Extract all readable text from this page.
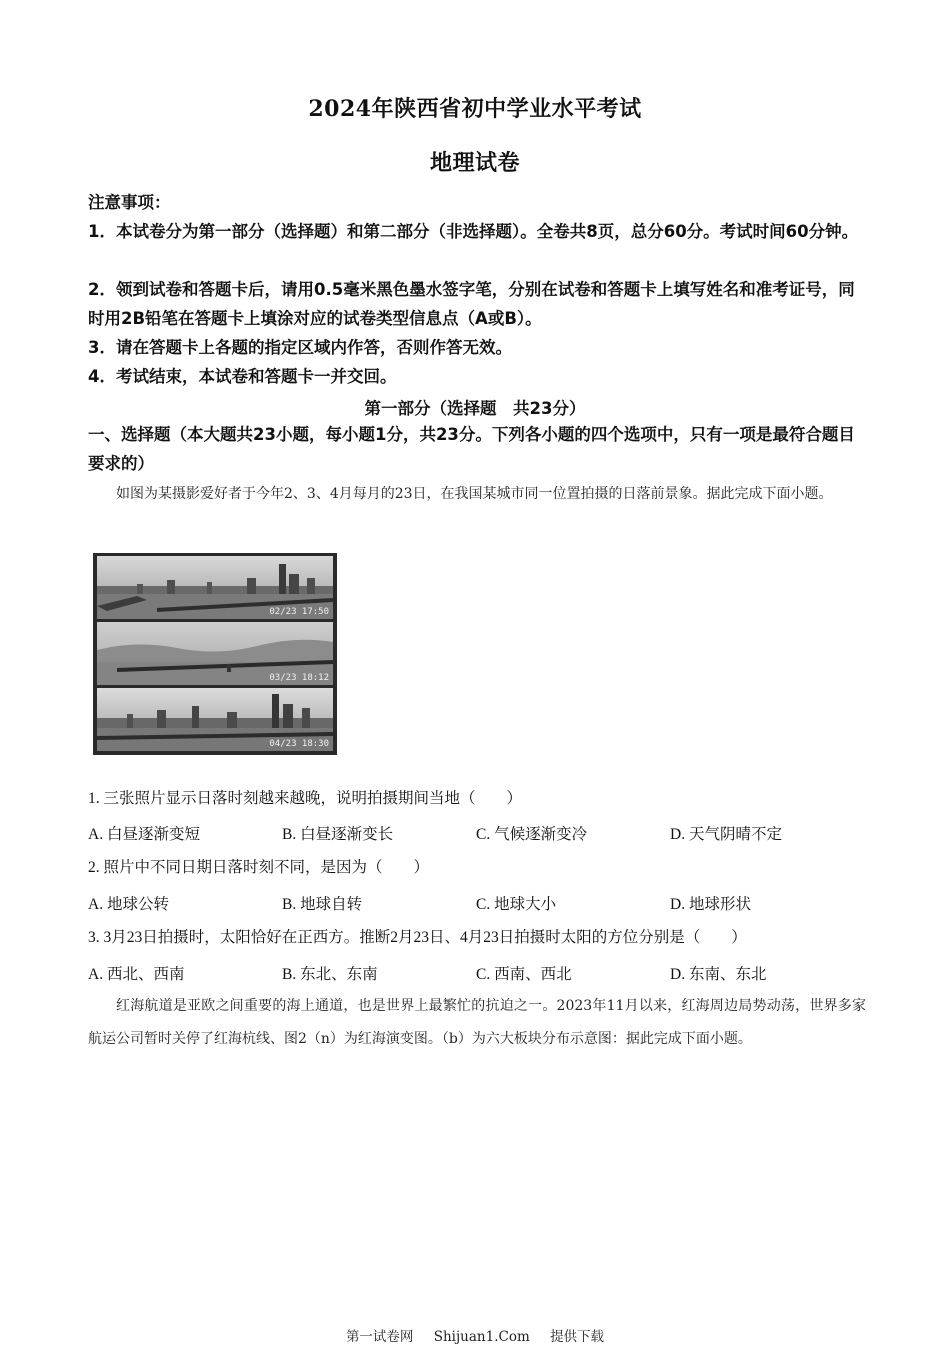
2024年陕西省初中学业水平考试
地理试卷
注意事项：
1．本试卷分为第一部分（选择题）和第二部分（非选择题）。全卷共8页，总分60分。考试时间60分钟。
2．领到试卷和答题卡后，请用0.5毫米黑色墨水签字笔，分别在试卷和答题卡上填写姓名和准考证号，同时用2B铅笔在答题卡上填涂对应的试卷类型信息点（A或B）。
3．请在答题卡上各题的指定区域内作答，否则作答无效。
4．考试结束，本试卷和答题卡一并交回。
第一部分（选择题　共23分）
一、选择题（本大题共23小题，每小题1分，共23分。下列各小题的四个选项中，只有一项是最符合题目要求的）
如图为某摄影爱好者于今年2、3、4月每月的23日，在我国某城市同一位置拍摄的日落前景象。据此完成下面小题。
02/23 17:50
03/23 18:12
04/23 18:30
1. 三张照片显示日落时刻越来越晚，说明拍摄期间当地（　　）
A. 白昼逐渐变短	B. 白昼逐渐变长	C. 气候逐渐变冷	D. 天气阴晴不定
2. 照片中不同日期日落时刻不同，是因为（　　）
A. 地球公转	B. 地球自转	C. 地球大小	D. 地球形状
3. 3月23日拍摄时，太阳恰好在正西方。推断2月23日、4月23日拍摄时太阳的方位分别是（　　）
A. 西北、西南	B. 东北、东南	C. 西南、西北	D. 东南、东北
红海航道是亚欧之间重要的海上通道，也是世界上最繁忙的抗迫之一。2023年11月以来，红海周边局势动荡，世界多家航运公司暂时关停了红海杭线、图2（n）为红海演变图。（b）为六大板块分布示意图：据此完成下面小题。
第一试卷网 Shijuan1.Com 提供下载
